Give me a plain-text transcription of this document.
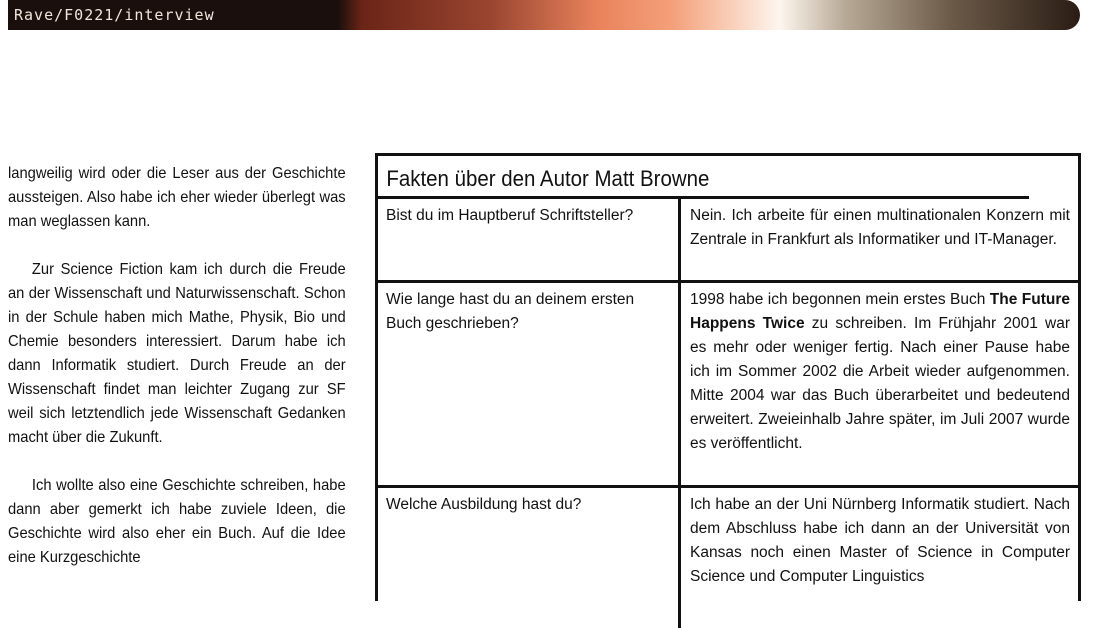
Rave/F0221/interview

langweilig wird oder die Leser aus der Geschichte aussteigen. Also habe ich eher wieder überlegt was man weglassen kann.

Zur Science Fiction kam ich durch die Freude an der Wissenschaft und Naturwissenschaft. Schon in der Schule haben mich Mathe, Physik, Bio und Chemie besonders interessiert. Darum habe ich dann Informatik studiert. Durch Freude an der Wissenschaft findet man leichter Zugang zur SF weil sich letztendlich jede Wissenschaft Gedanken macht über die Zukunft.

Ich wollte also eine Geschichte schreiben, habe dann aber gemerkt ich habe zuviele Ideen, die Geschichte wird also eher ein Buch. Auf die Idee eine Kurzgeschichte

Fakten über den Autor Matt Browne
Bist du im Hauptberuf Schriftsteller?	Nein. Ich arbeite für einen multinationalen Konzern mit Zentrale in Frankfurt als Informatiker und IT-Manager.
Wie lange hast du an deinem ersten Buch geschrieben?
1998 habe ich begonnen mein erstes Buch The Future Happens Twice zu schreiben. Im Frühjahr 2001 war es mehr oder weniger fertig. Nach einer Pause habe ich im Sommer 2002 die Arbeit wieder aufgenommen. Mitte 2004 war das Buch überarbeitet und bedeutend erweitert. Zweieinhalb Jahre später, im Juli 2007 wurde es veröffentlicht.
Welche Ausbildung hast du?	Ich habe an der Uni Nürnberg Informatik studiert. Nach dem Abschluss habe ich dann an der Universität von Kansas noch einen Master of Science in Computer Science und Computer Linguistics
